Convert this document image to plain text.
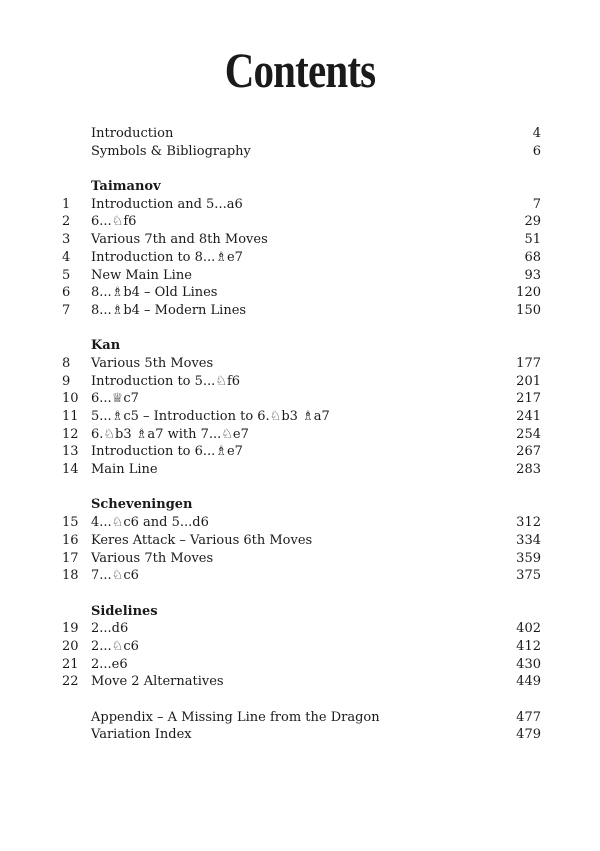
Contents
Introduction	4
Symbols & Bibliography	6
Taimanov
1 Introduction and 5...a6	7
2 6...♘f6	29
3 Various 7th and 8th Moves	51
4 Introduction to 8...♗e7	68
5 New Main Line	93
6 8...♗b4 – Old Lines	120
7 8...♗b4 – Modern Lines	150
Kan
8 Various 5th Moves	177
9 Introduction to 5...♘f6	201
10 6...♕c7	217
11 5...♗c5 – Introduction to 6.♘b3 ♗a7	241
12 6.♘b3 ♗a7 with 7...♘e7	254
13 Introduction to 6...♗e7	267
14 Main Line	283
Scheveningen
15 4...♘c6 and 5...d6	312
16 Keres Attack – Various 6th Moves	334
17 Various 7th Moves	359
18 7...♘c6	375
Sidelines
19 2...d6	402
20 2...♘c6	412
21 2...e6	430
22 Move 2 Alternatives	449
Appendix – A Missing Line from the Dragon	477
Variation Index	479
